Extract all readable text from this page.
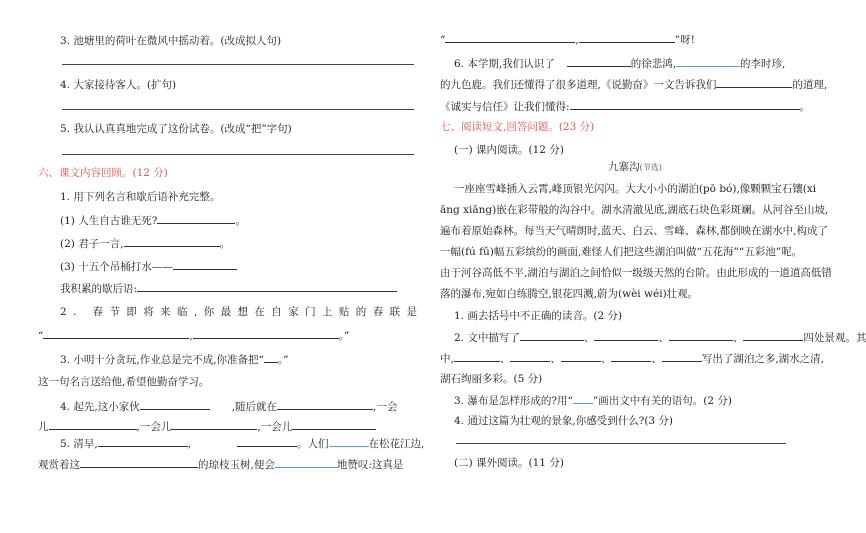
3. 池塘里的荷叶在微风中摇动着。(改成拟人句)
4. 大家接待客人。(扩句)
5. 我认认真真地完成了这份试卷。(改成“把”字句)
六、课文内容回顾。(12 分)
1. 用下列名言和歇后语补充完整。
(1) 人生自古谁无死?	。
(2) 君子一言,	。
(3) 十五个吊桶打水——
我积累的歇后语:
2. 春节即将来临,你最想在自家门上贴的春联是
“	,	。”
3. 小明十分贪玩,作业总是完不成,你准备把“ 。”
这一句名言送给他,希望他勤奋学习。
4. 起先,这小家伙	,随后就在	,一会
儿	,一会儿	,一会儿
5. 清早,	,	。人们	在松花江边,
观赏着这	的琼枝玉树,便会	地赞叹:这真是
“	,	”呀!
6. 本学期,我们认识了	的徐悲鸿,	的李时珍,
的九色鹿。我们还懂得了很多道理,《说勤奋》一文告诉我们	的道理,
《诚实与信任》让我们懂得:	。
七、阅读短文,回答问题。(23 分)
(一) 课内阅读。(12 分)
九寨沟(节选)
一座座雪峰插入云霄,峰顶银光闪闪。大大小小的湖泊(pō bó),像颗颗宝石镶(xi
āng xiāng)嵌在彩带般的沟谷中。湖水清澈见底,湖底石块色彩斑斓。从河谷至山坡,
遍布着原始森林。每当天气晴朗时,蓝天、白云、雪峰、森林,都倒映在湖水中,构成了
一幅(fú fǔ)幅五彩缤纷的画面,难怪人们把这些湖泊叫做“五花海”“五彩池”呢。
由于河谷高低不平,湖泊与湖泊之间恰似一级级天然的台阶。由此形成的一道道高低错
落的瀑布,宛如白练腾空,银花四溅,蔚为(wèi wéi)壮观。
1. 画去括号中不正确的读音。(2 分)
2. 文中描写了	、	、	、	四处景观。其
中,	、	、	、	、	写出了湖泊之多,湖水之清,
湖石绚丽多彩。(5 分)
3. 瀑布是怎样形成的?用“ ”画出文中有关的语句。(2 分)
4. 通过这篇为壮观的景象,你感受到什么?(3 分)
(二) 课外阅读。(11 分)
